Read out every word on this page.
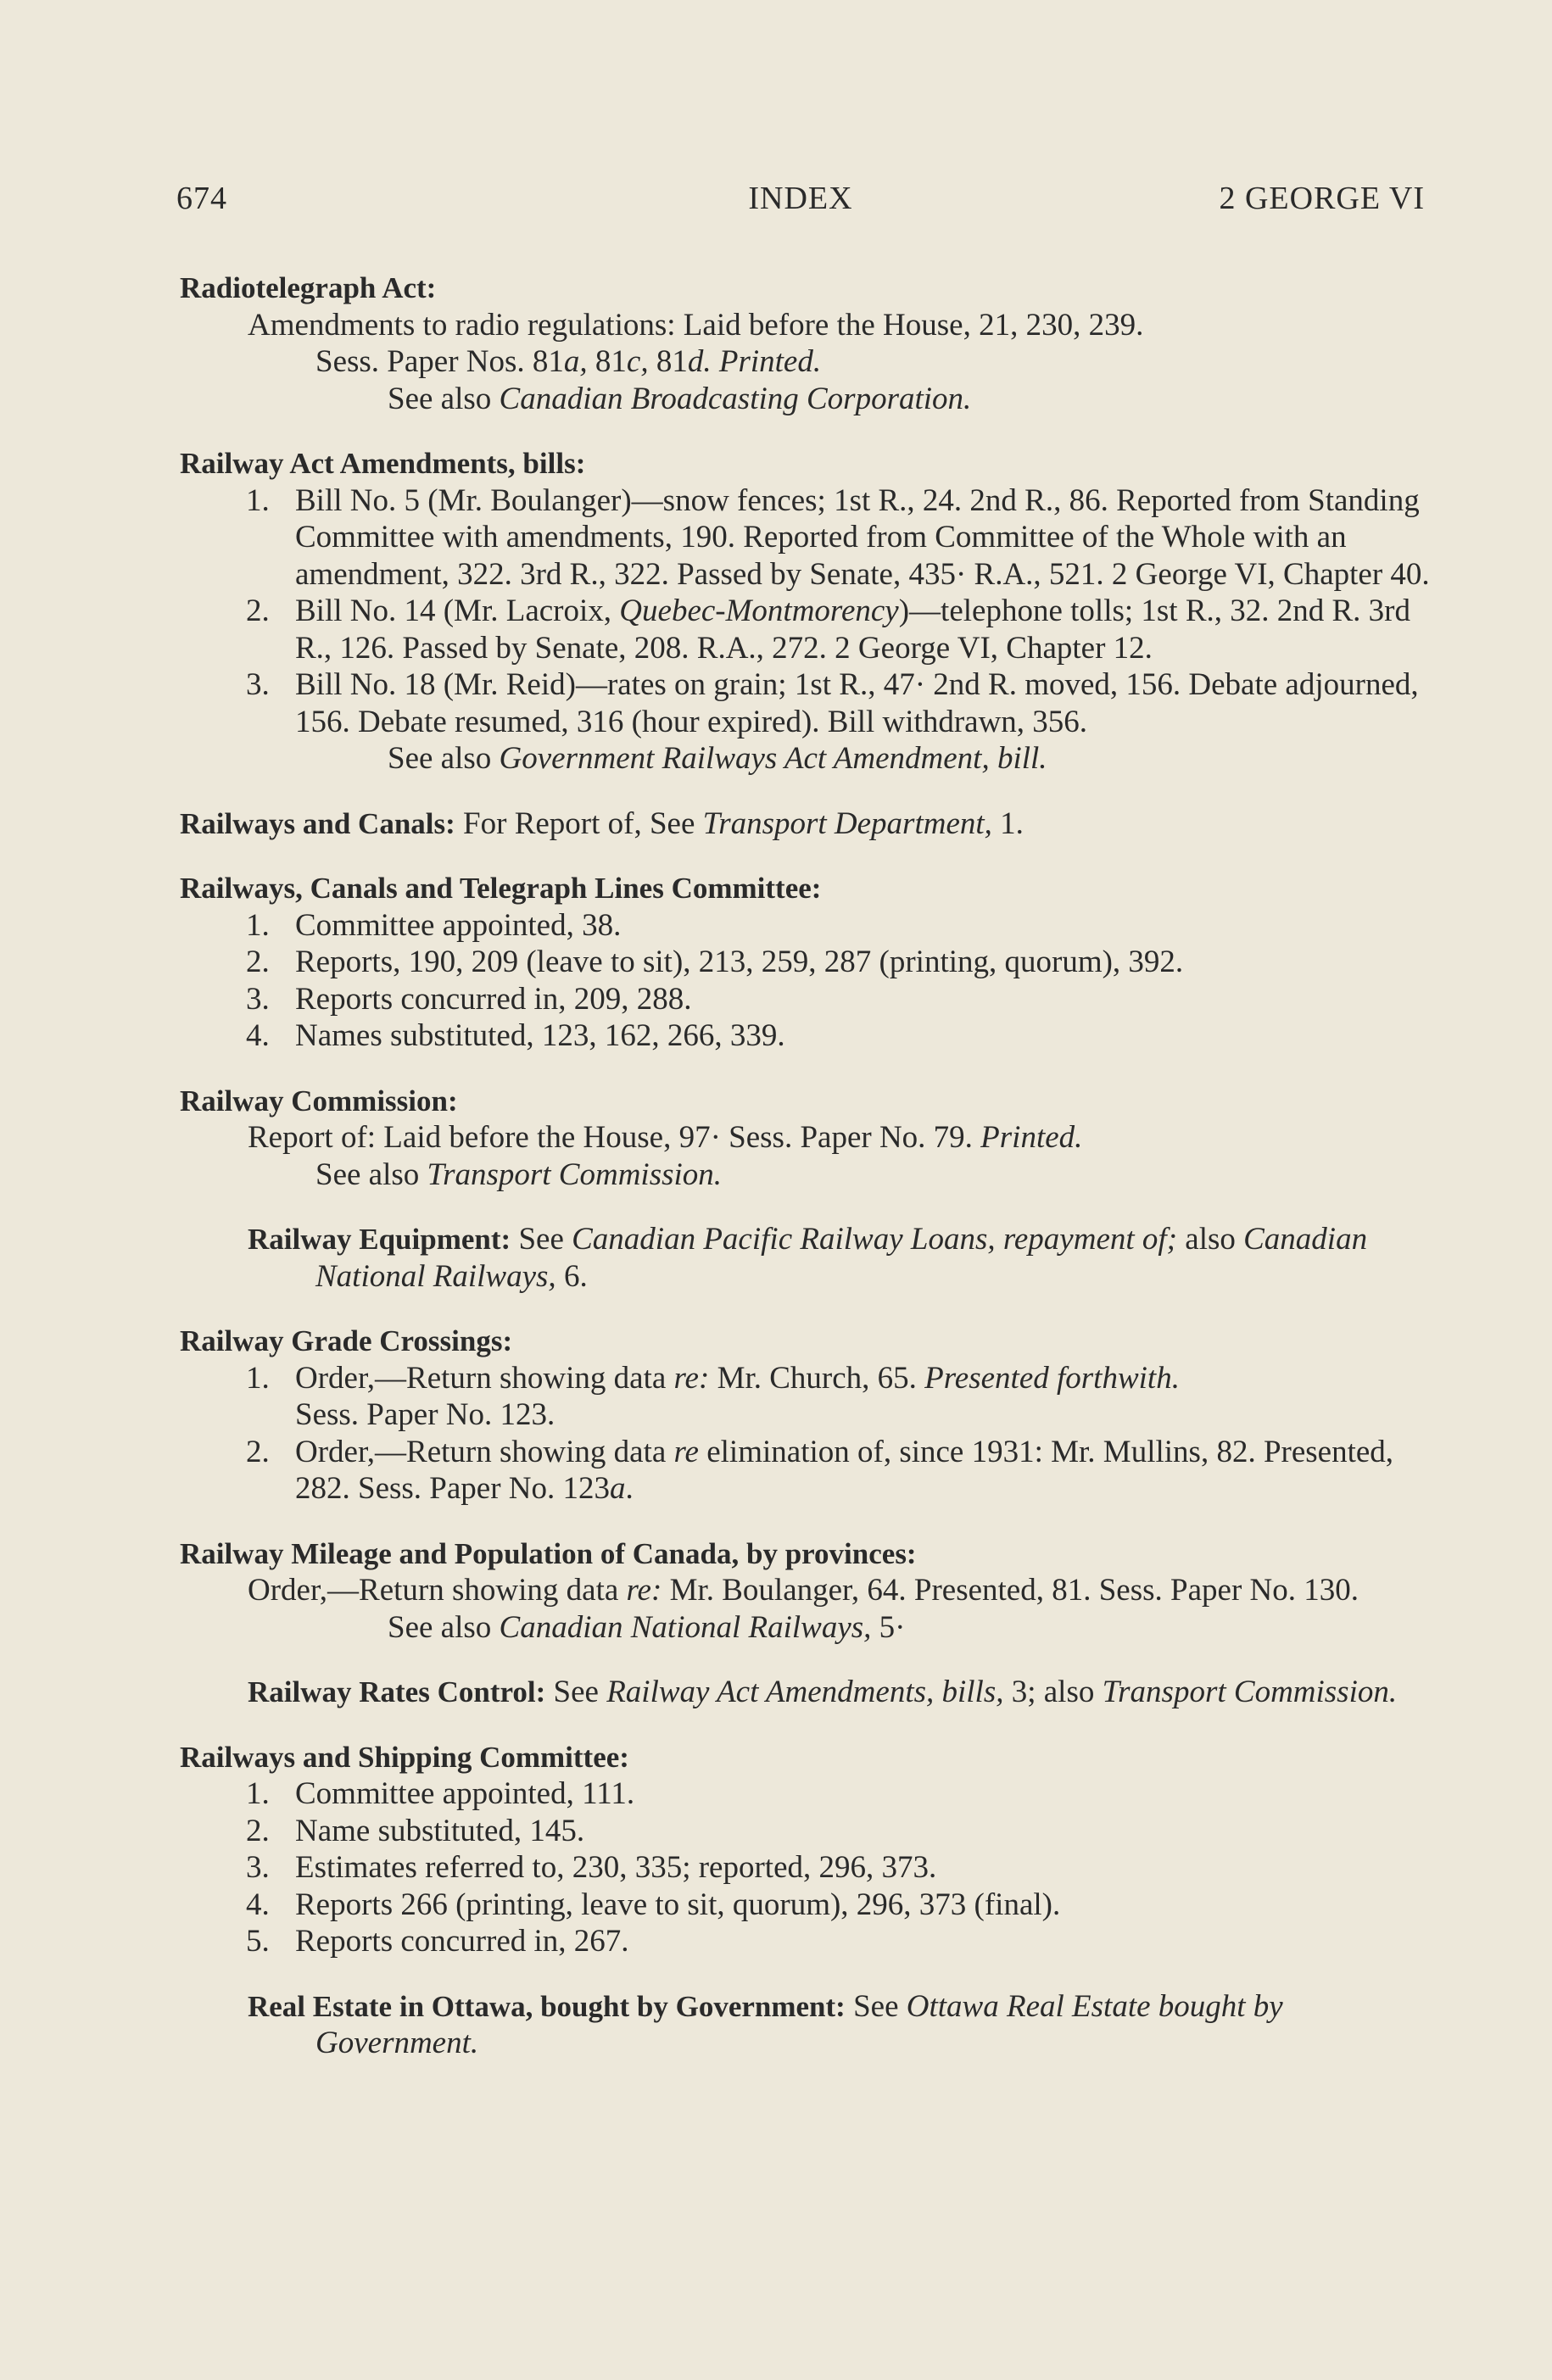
674	INDEX	2 GEORGE VI
Radiotelegraph Act:
Amendments to radio regulations: Laid before the House, 21, 230, 239.
Sess. Paper Nos. 81a, 81c, 81d. Printed.
See also Canadian Broadcasting Corporation.
Railway Act Amendments, bills:
1. Bill No. 5 (Mr. Boulanger)—snow fences; 1st R., 24. 2nd R., 86. Reported from Standing Committee with amendments, 190. Reported from Committee of the Whole with an amendment, 322. 3rd R., 322. Passed by Senate, 435· R.A., 521. 2 George VI, Chapter 40.
2. Bill No. 14 (Mr. Lacroix, Quebec-Montmorency)—telephone tolls; 1st R., 32. 2nd R. 3rd R., 126. Passed by Senate, 208. R.A., 272. 2 George VI, Chapter 12.
3. Bill No. 18 (Mr. Reid)—rates on grain; 1st R., 47· 2nd R. moved, 156. Debate adjourned, 156. Debate resumed, 316 (hour expired). Bill withdrawn, 356.
See also Government Railways Act Amendment, bill.
Railways and Canals: For Report of, See Transport Department, 1.
Railways, Canals and Telegraph Lines Committee:
1. Committee appointed, 38.
2. Reports, 190, 209 (leave to sit), 213, 259, 287 (printing, quorum), 392.
3. Reports concurred in, 209, 288.
4. Names substituted, 123, 162, 266, 339.
Railway Commission:
Report of: Laid before the House, 97· Sess. Paper No. 79. Printed.
See also Transport Commission.
Railway Equipment: See Canadian Pacific Railway Loans, repayment of; also Canadian National Railways, 6.
Railway Grade Crossings:
1. Order,—Return showing data re: Mr. Church, 65. Presented forthwith.
Sess. Paper No. 123.
2. Order,—Return showing data re elimination of, since 1931: Mr. Mullins, 82. Presented, 282. Sess. Paper No. 123a.
Railway Mileage and Population of Canada, by provinces:
Order,—Return showing data re: Mr. Boulanger, 64. Presented, 81. Sess. Paper No. 130.
See also Canadian National Railways, 5·
Railway Rates Control: See Railway Act Amendments, bills, 3; also Transport Commission.
Railways and Shipping Committee:
1. Committee appointed, 111.
2. Name substituted, 145.
3. Estimates referred to, 230, 335; reported, 296, 373.
4. Reports 266 (printing, leave to sit, quorum), 296, 373 (final).
5. Reports concurred in, 267.
Real Estate in Ottawa, bought by Government: See Ottawa Real Estate bought by Government.
